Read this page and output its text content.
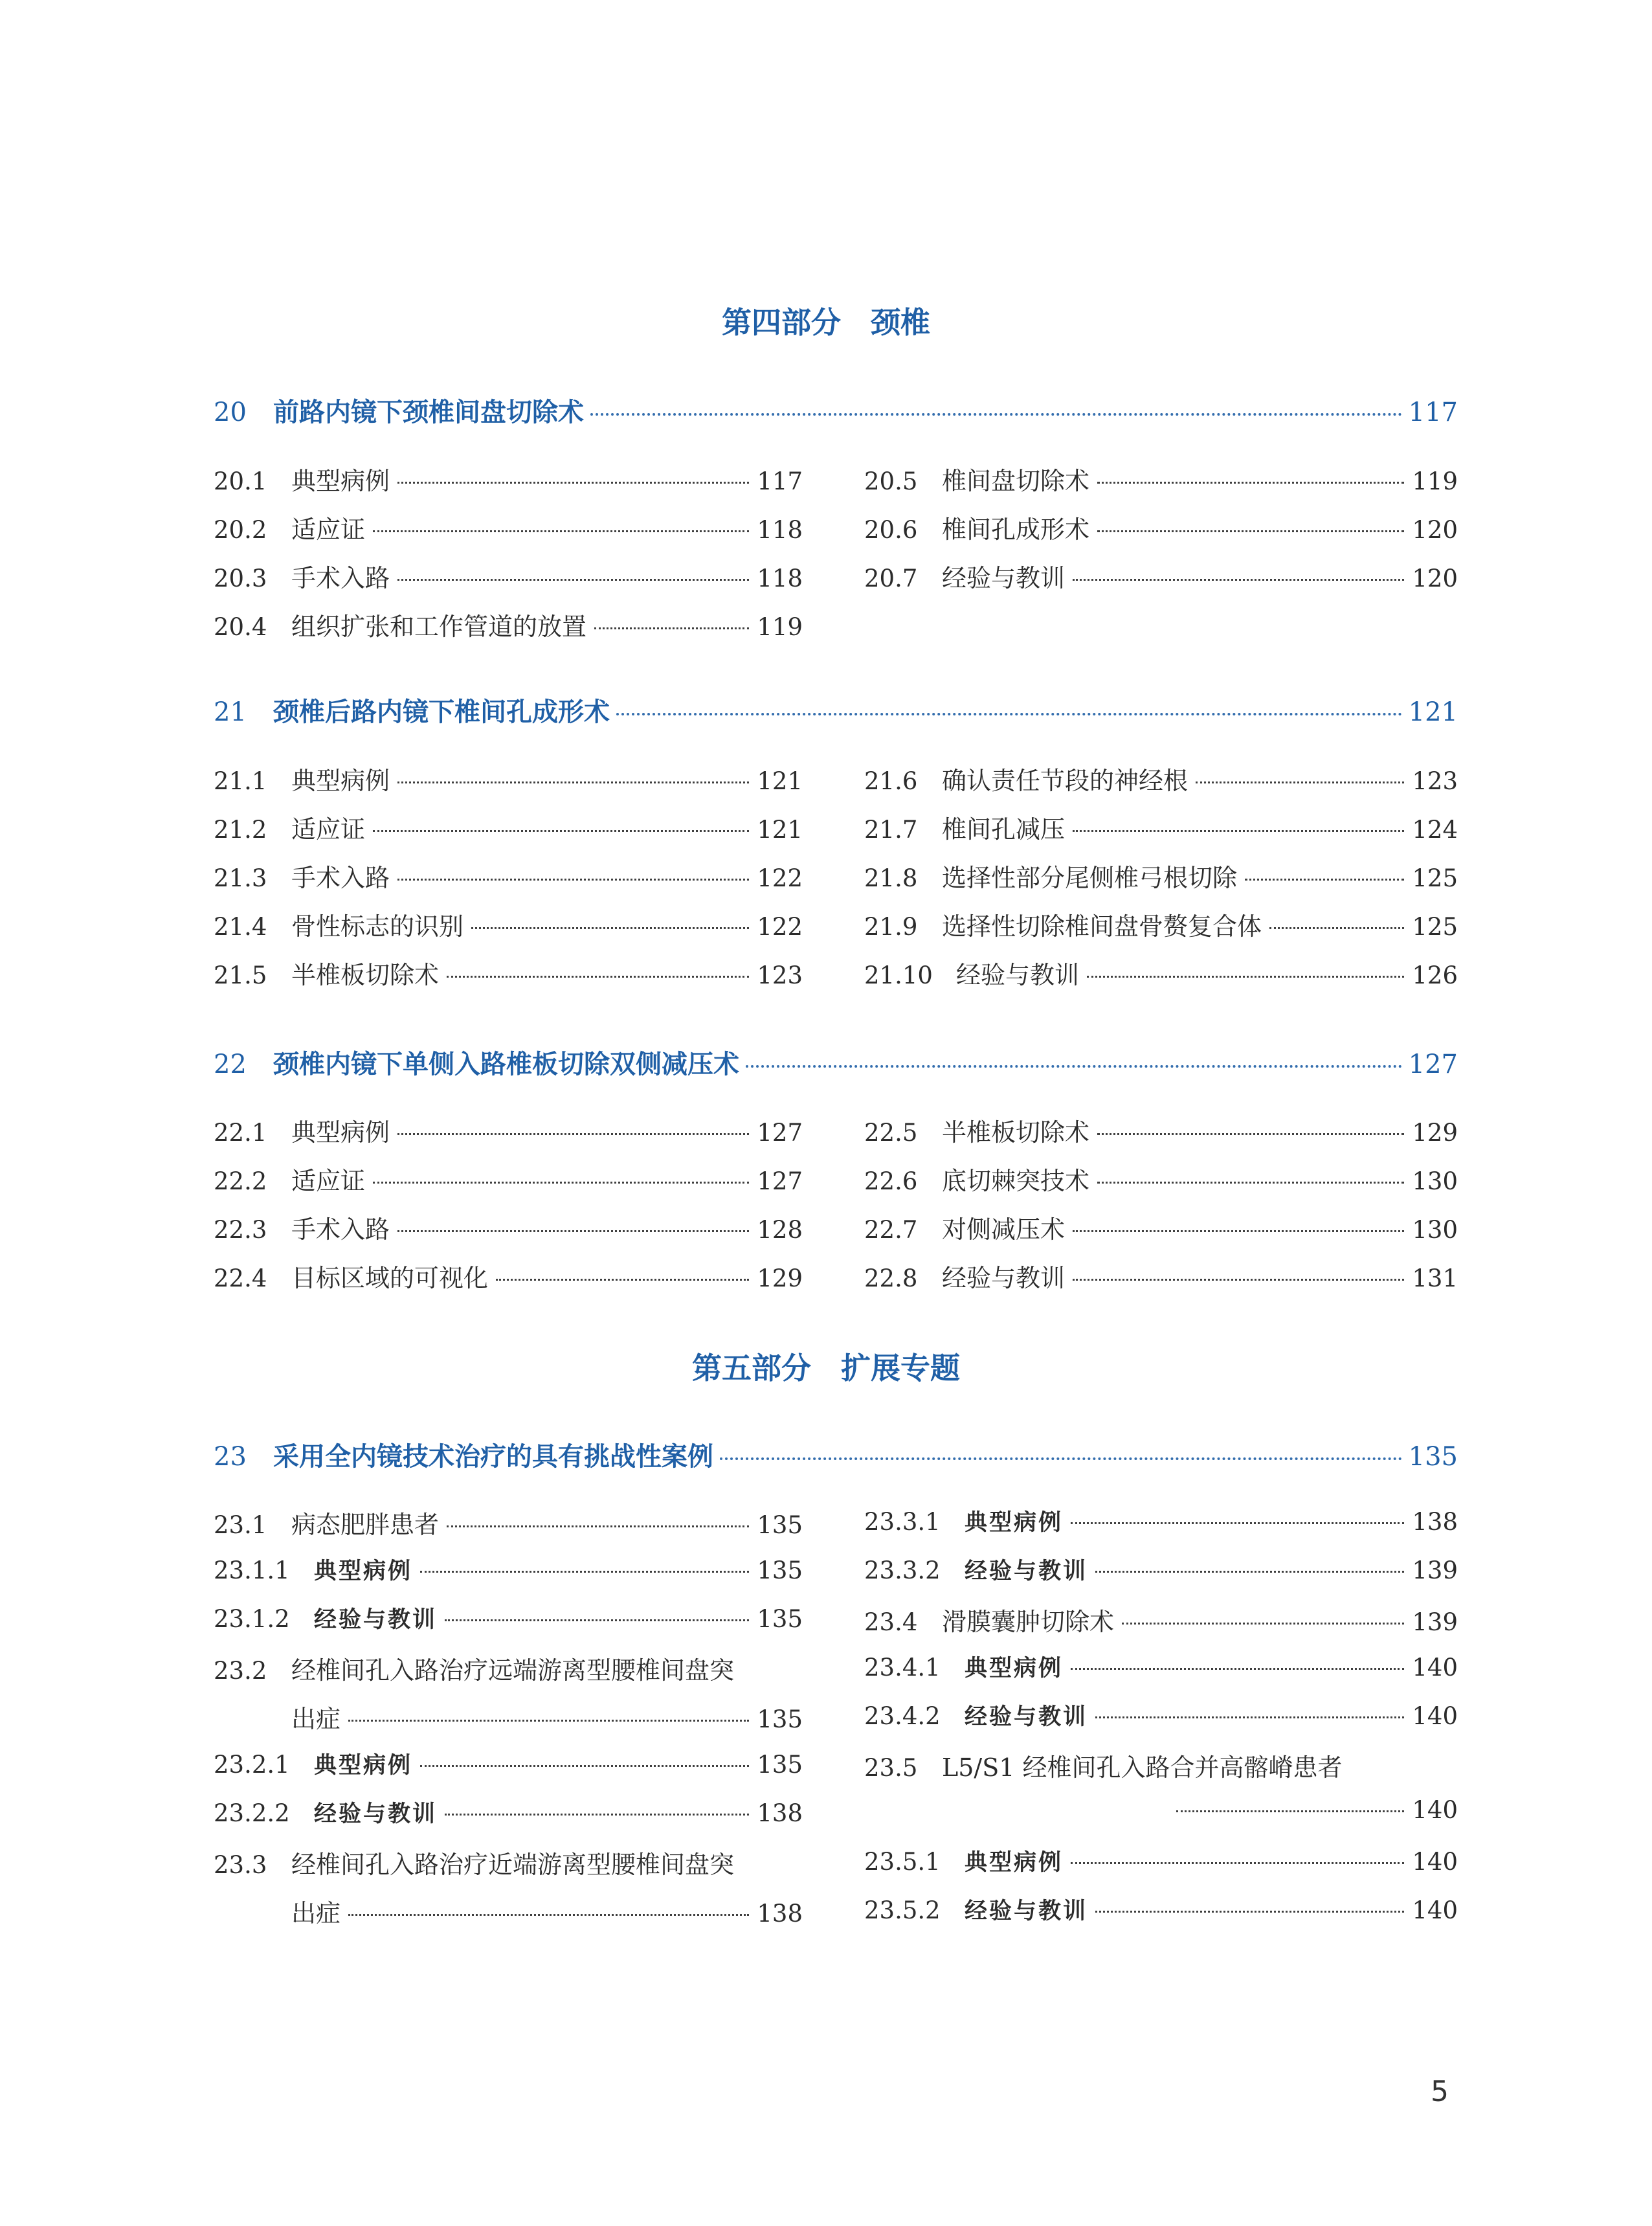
第四部分　颈椎
20	前路内镜下颈椎间盘切除术	117
20.1 典型病例	117
20.2 适应证	118
20.3 手术入路	118
20.4 组织扩张和工作管道的放置	119
20.5 椎间盘切除术	119
20.6 椎间孔成形术	120
20.7 经验与教训	120
21	颈椎后路内镜下椎间孔成形术	121
21.1 典型病例	121
21.2 适应证	121
21.3 手术入路	122
21.4 骨性标志的识别	122
21.5 半椎板切除术	123
21.6 确认责任节段的神经根	123
21.7 椎间孔减压	124
21.8 选择性部分尾侧椎弓根切除	125
21.9 选择性切除椎间盘骨赘复合体	125
21.10 经验与教训	126
22	颈椎内镜下单侧入路椎板切除双侧减压术	127
22.1 典型病例	127
22.2 适应证	127
22.3 手术入路	128
22.4 目标区域的可视化	129
22.5 半椎板切除术	129
22.6 底切棘突技术	130
22.7 对侧减压术	130
22.8 经验与教训	131
第五部分　扩展专题
23	采用全内镜技术治疗的具有挑战性案例	135
23.1 病态肥胖患者	135
23.1.1	典型病例	135
23.1.2	经验与教训	135
23.2 经椎间孔入路治疗远端游离型腰椎间盘突
出症	135
23.2.1	典型病例	135
23.2.2	经验与教训	138
23.3 经椎间孔入路治疗近端游离型腰椎间盘突
出症	138
23.3.1	典型病例	138
23.3.2	经验与教训	139
23.4 滑膜囊肿切除术	139
23.4.1	典型病例	140
23.4.2	经验与教训	140
23.5 L5/S1 经椎间孔入路合并高髂嵴患者
140
23.5.1	典型病例	140
23.5.2	经验与教训	140
5
